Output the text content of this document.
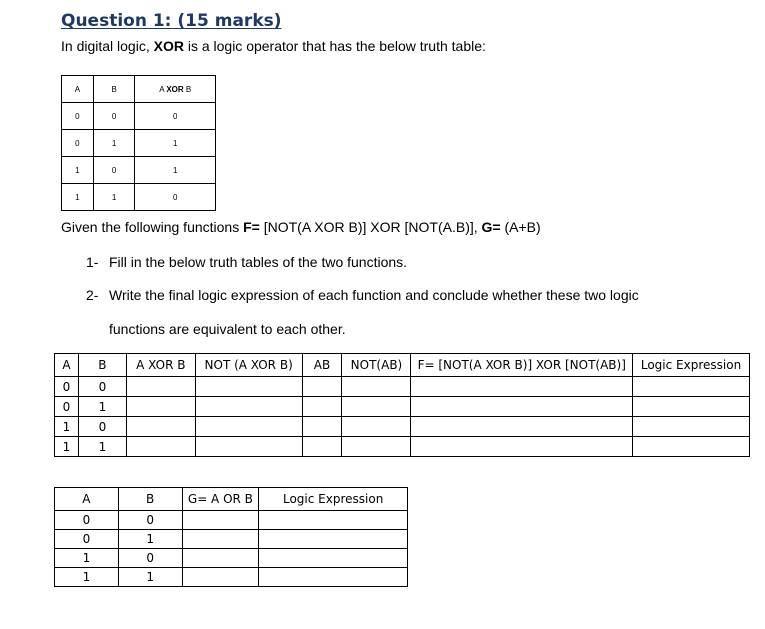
Question 1: (15 marks)
In digital logic, XOR is a logic operator that has the below truth table:
A	B	A XOR B
0	0	0
0	1	1
1	0	1
1	1	0
Given the following functions F= [NOT(A XOR B)] XOR [NOT(A.B)], G= (A+B)
1- Fill in the below truth tables of the two functions.
2- Write the final logic expression of each function and conclude whether these two logic
functions are equivalent to each other.
A	B	A XOR B	NOT (A XOR B)	AB	NOT(AB)	F= [NOT(A XOR B)] XOR [NOT(AB)]	Logic Expression
0	0						
0	1						
1	0						
1	1						
A	B	G= A OR B	Logic Expression
0	0		
0	1		
1	0		
1	1		
